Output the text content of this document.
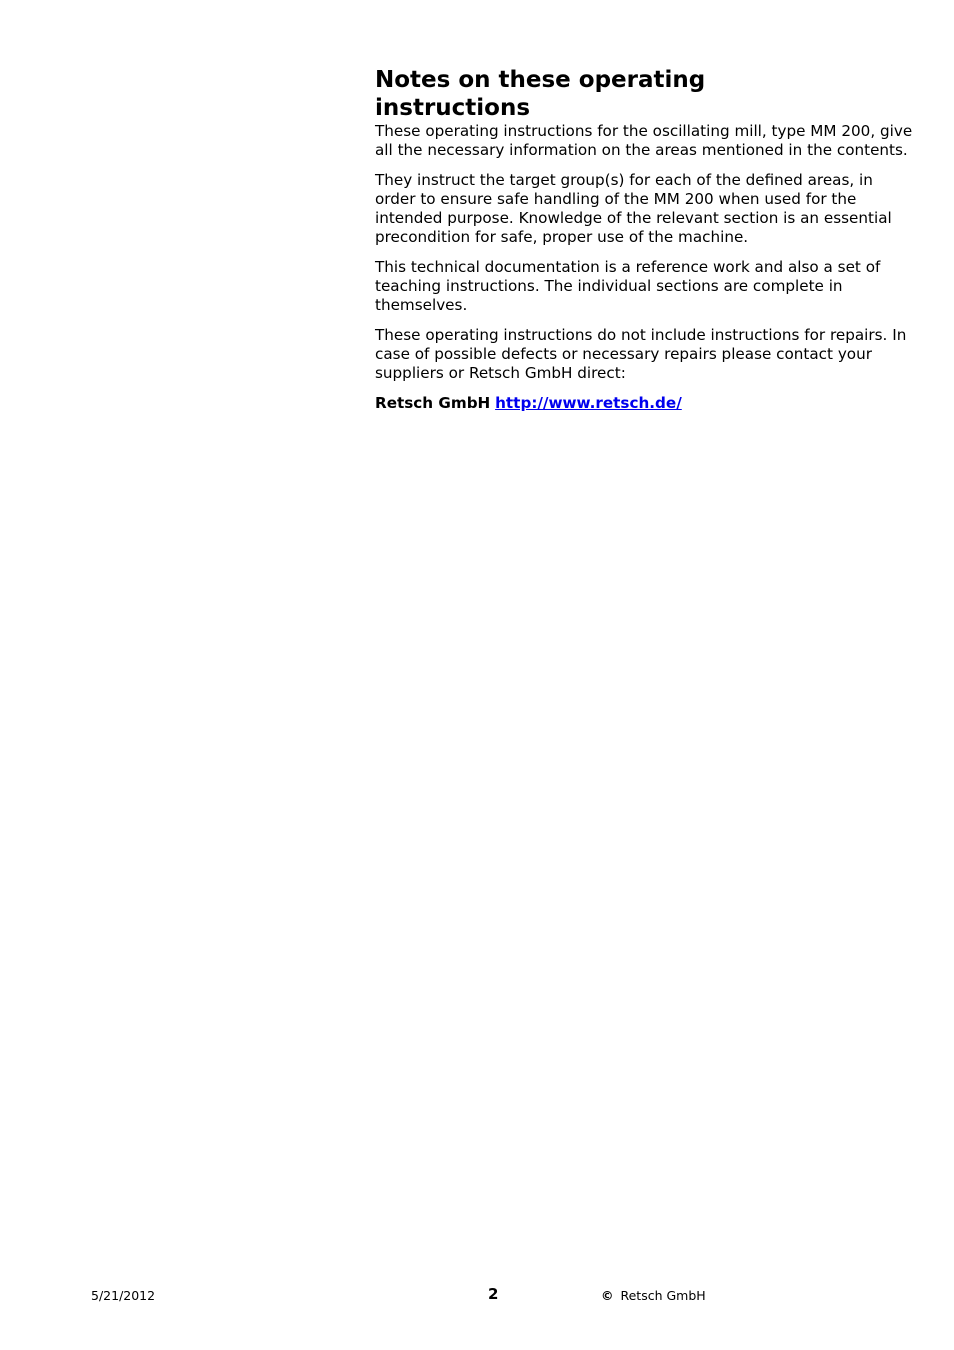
Notes on these operating instructions

These operating instructions for the oscillating mill, type MM 200, give all the necessary information on the areas mentioned in the contents.

They instruct the target group(s) for each of the defined areas, in order to ensure safe handling of the MM 200 when used for the intended purpose. Knowledge of the relevant section is an essential precondition for safe, proper use of the machine.

This technical documentation is a reference work and also a set of teaching instructions. The individual sections are complete in themselves.

These operating instructions do not include instructions for repairs. In case of possible defects or necessary repairs please contact your suppliers or Retsch GmbH direct:

Retsch GmbH http://www.retsch.de/

5/21/2012	2	© Retsch GmbH
